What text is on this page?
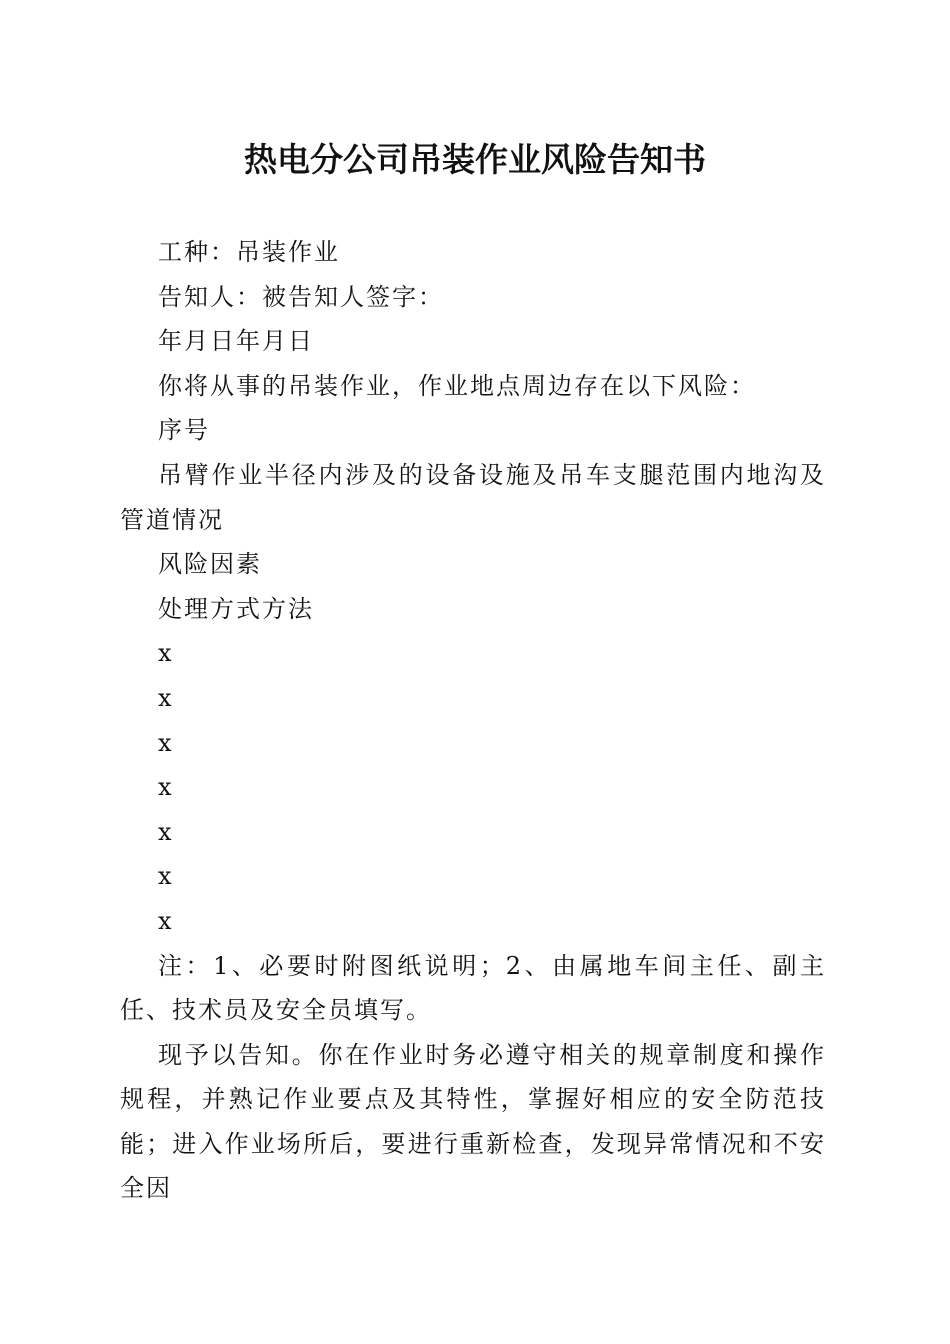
热电分公司吊装作业风险告知书

工种：吊装作业

告知人：被告知人签字：

年月日年月日

你将从事的吊装作业，作业地点周边存在以下风险：

序号

吊臂作业半径内涉及的设备设施及吊车支腿范围内地沟及管道情况

风险因素

处理方式方法

x

x

x

x

x

x

x

注：1、必要时附图纸说明；2、由属地车间主任、副主任、技术员及安全员填写。

现予以告知。你在作业时务必遵守相关的规章制度和操作规程，并熟记作业要点及其特性，掌握好相应的安全防范技能；进入作业场所后，要进行重新检查，发现异常情况和不安全因
